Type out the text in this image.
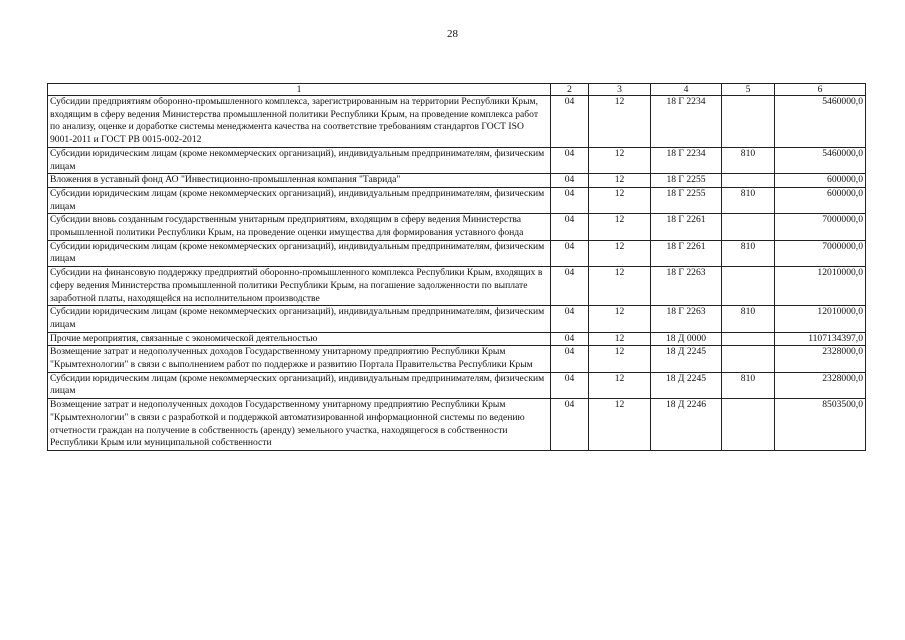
28
1	2	3	4	5	6
Субсидии предприятиям оборонно-промышленного комплекса, зарегистрированным на территории Республики Крым, входящим в сферу ведения Министерства промышленной политики Республики Крым, на проведение комплекса работ по анализу, оценке и доработке системы менеджмента качества на соответствие требованиям стандартов ГОСТ ISO 9001-2011 и ГОСТ РВ 0015-002-2012	04	12	18 Г 2234		5460000,0
Субсидии юридическим лицам (кроме некоммерческих организаций), индивидуальным предпринимателям, физическим лицам	04	12	18 Г 2234	810	5460000,0
Вложения в уставный фонд АО "Инвестиционно-промышленная компания "Таврида"	04	12	18 Г 2255		600000,0
Субсидии юридическим лицам (кроме некоммерческих организаций), индивидуальным предпринимателям, физическим лицам	04	12	18 Г 2255	810	600000,0
Субсидии вновь созданным государственным унитарным предприятиям, входящим в сферу ведения Министерства промышленной политики Республики Крым, на проведение оценки имущества для формирования уставного фонда	04	12	18 Г 2261		7000000,0
Субсидии юридическим лицам (кроме некоммерческих организаций), индивидуальным предпринимателям, физическим лицам	04	12	18 Г 2261	810	7000000,0
Субсидии на финансовую поддержку предприятий оборонно-промышленного комплекса Республики Крым, входящих в сферу ведения Министерства промышленной политики Республики Крым, на погашение задолженности по выплате заработной платы, находящейся на исполнительном производстве	04	12	18 Г 2263		12010000,0
Субсидии юридическим лицам (кроме некоммерческих организаций), индивидуальным предпринимателям, физическим лицам	04	12	18 Г 2263	810	12010000,0
Прочие мероприятия, связанные с экономической деятельностью	04	12	18 Д 0000		1107134397,0
Возмещение затрат и недополученных доходов Государственному унитарному предприятию Республики Крым "Крымтехнологии" в связи с выполнением работ по поддержке и развитию Портала Правительства Республики Крым	04	12	18 Д 2245		2328000,0
Субсидии юридическим лицам (кроме некоммерческих организаций), индивидуальным предпринимателям, физическим лицам	04	12	18 Д 2245	810	2328000,0
Возмещение затрат и недополученных доходов Государственному унитарному предприятию Республики Крым "Крымтехнологии" в связи с разработкой и поддержкой автоматизированной информационной системы по ведению отчетности граждан на получение в собственность (аренду) земельного участка, находящегося в собственности Республики Крым или муниципальной собственности	04	12	18 Д 2246		8503500,0
